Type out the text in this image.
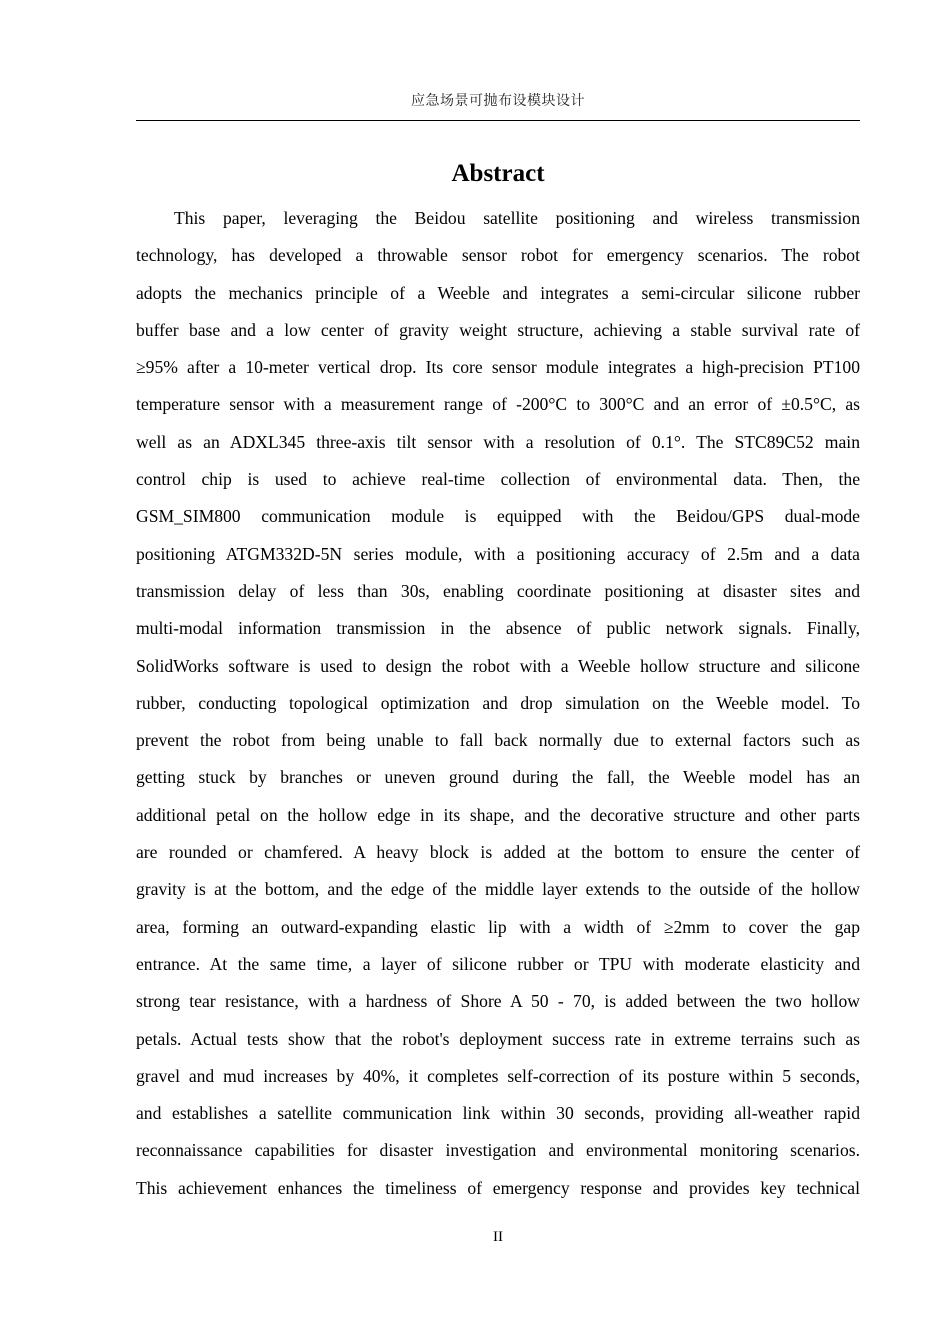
应急场景可抛布设模块设计
Abstract
This paper, leveraging the Beidou satellite positioning and wireless transmission
technology, has developed a throwable sensor robot for emergency scenarios. The robot
adopts the mechanics principle of a Weeble and integrates a semi-circular silicone rubber
buffer base and a low center of gravity weight structure, achieving a stable survival rate of
≥95% after a 10-meter vertical drop. Its core sensor module integrates a high-precision PT100
temperature sensor with a measurement range of -200°C to 300°C and an error of ±0.5°C, as
well as an ADXL345 three-axis tilt sensor with a resolution of 0.1°. The STC89C52 main
control chip is used to achieve real-time collection of environmental data. Then, the
GSM_SIM800 communication module is equipped with the Beidou/GPS dual-mode
positioning ATGM332D-5N series module, with a positioning accuracy of 2.5m and a data
transmission delay of less than 30s, enabling coordinate positioning at disaster sites and
multi-modal information transmission in the absence of public network signals. Finally,
SolidWorks software is used to design the robot with a Weeble hollow structure and silicone
rubber, conducting topological optimization and drop simulation on the Weeble model. To
prevent the robot from being unable to fall back normally due to external factors such as
getting stuck by branches or uneven ground during the fall, the Weeble model has an
additional petal on the hollow edge in its shape, and the decorative structure and other parts
are rounded or chamfered. A heavy block is added at the bottom to ensure the center of
gravity is at the bottom, and the edge of the middle layer extends to the outside of the hollow
area, forming an outward-expanding elastic lip with a width of ≥2mm to cover the gap
entrance. At the same time, a layer of silicone rubber or TPU with moderate elasticity and
strong tear resistance, with a hardness of Shore A 50 - 70, is added between the two hollow
petals. Actual tests show that the robot's deployment success rate in extreme terrains such as
gravel and mud increases by 40%, it completes self-correction of its posture within 5 seconds,
and establishes a satellite communication link within 30 seconds, providing all-weather rapid
reconnaissance capabilities for disaster investigation and environmental monitoring scenarios.
This achievement enhances the timeliness of emergency response and provides key technical
II
